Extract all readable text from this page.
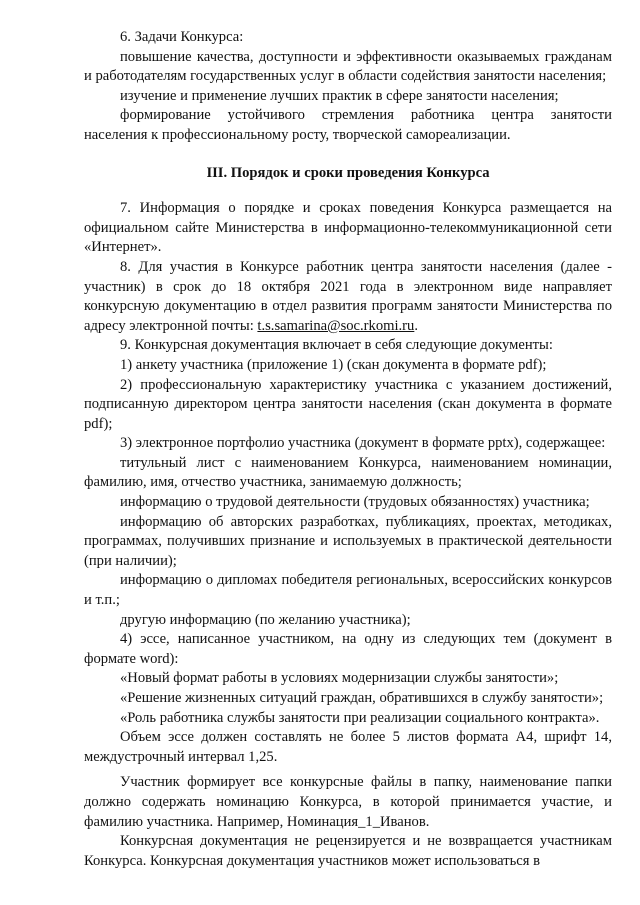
6. Задачи Конкурса:

повышение качества, доступности и эффективности оказываемых гражданам и работодателям государственных услуг в области содействия занятости населения;

изучение и применение лучших практик в сфере занятости населения;

формирование устойчивого стремления работника центра занятости населения к профессиональному росту, творческой самореализации.

III. Порядок и сроки проведения Конкурса

7. Информация о порядке и сроках поведения Конкурса размещается на официальном сайте Министерства в информационно-телекоммуникационной сети «Интернет».

8. Для участия в Конкурсе работник центра занятости населения (далее - участник) в срок до 18 октября 2021 года в электронном виде направляет конкурсную документацию в отдел развития программ занятости Министерства по адресу электронной почты: t.s.samarina@soc.rkomi.ru.

9. Конкурсная документация включает в себя следующие документы:

1) анкету участника (приложение 1) (скан документа в формате pdf);

2) профессиональную характеристику участника с указанием достижений, подписанную директором центра занятости населения (скан документа в формате pdf);

3) электронное портфолио участника (документ в формате pptx), содержащее:

титульный лист с наименованием Конкурса, наименованием номинации, фамилию, имя, отчество участника, занимаемую должность;

информацию о трудовой деятельности (трудовых обязанностях) участника;

информацию об авторских разработках, публикациях, проектах, методиках, программах, получивших признание и используемых в практической деятельности (при наличии);

информацию о дипломах победителя региональных, всероссийских конкурсов и т.п.;

другую информацию (по желанию участника);

4) эссе, написанное участником, на одну из следующих тем (документ в формате word):

«Новый формат работы в условиях модернизации службы занятости»;

«Решение жизненных ситуаций граждан, обратившихся в службу занятости»;

«Роль работника службы занятости при реализации социального контракта».

Объем эссе должен составлять не более 5 листов формата А4, шрифт 14, междустрочный интервал 1,25.

Участник формирует все конкурсные файлы в папку, наименование папки должно содержать номинацию Конкурса, в которой принимается участие, и фамилию участника. Например, Номинация_1_Иванов.

Конкурсная документация не рецензируется и не возвращается участникам Конкурса. Конкурсная документация участников может использоваться в
